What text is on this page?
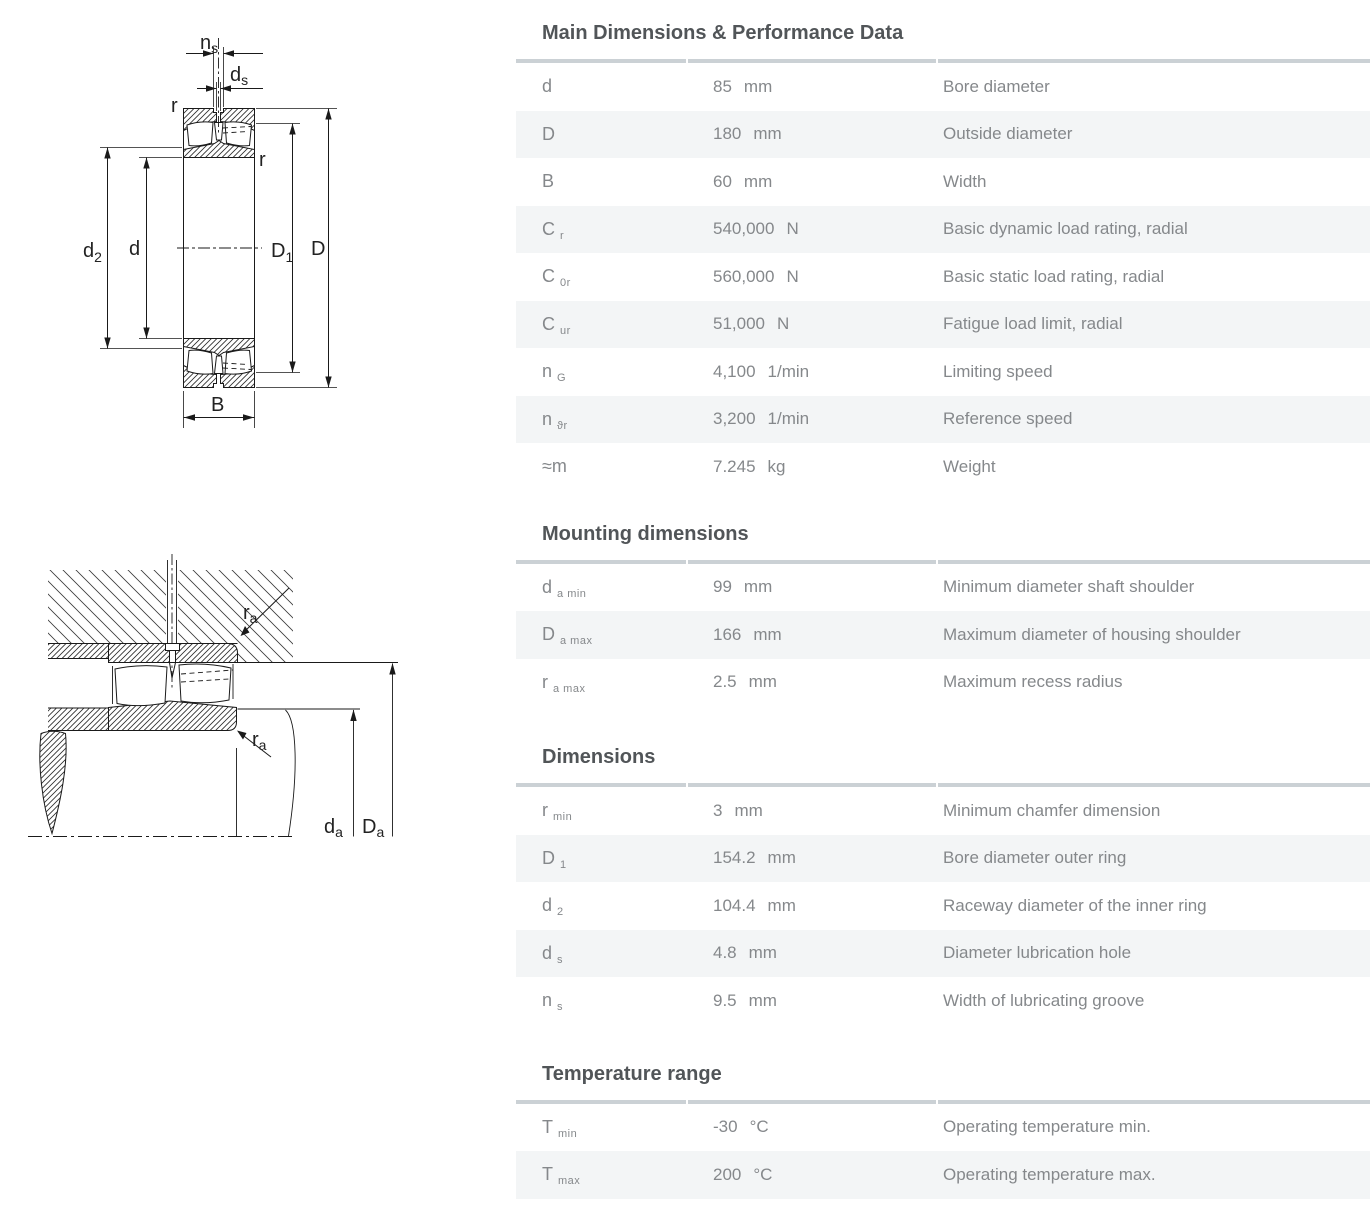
$n_s$
$d_s$
r
r
$d_2$ d	$D_1$ D
B
$r_a$
$r_a$
$d_a$ $D_a$
Main Dimensions & Performance Data
d	85 mm	Bore diameter
D	180 mm	Outside diameter
B	60 mm	Width
C $_r$	540,000 N	Basic dynamic load rating, radial
C $_{0r}$	560,000 N	Basic static load rating, radial
C $_{ur}$	51,000 N	Fatigue load limit, radial
n $_G$	4,100 1/min	Limiting speed
n $_{ϑr}$	3,200 1/min	Reference speed
≈m	7.245 kg	Weight
Mounting dimensions
d $_{a min}$	99 mm	Minimum diameter shaft shoulder
D $_{a max}$	166 mm	Maximum diameter of housing shoulder
r $_{a max}$	2.5 mm	Maximum recess radius
Dimensions
r $_{min}$	3 mm	Minimum chamfer dimension
D $_1$	154.2 mm	Bore diameter outer ring
d $_2$	104.4 mm	Raceway diameter of the inner ring
d $_s$	4.8 mm	Diameter lubrication hole
n $_s$	9.5 mm	Width of lubricating groove
Temperature range
T $_{min}$	-30 °C	Operating temperature min.
T $_{max}$	200 °C	Operating temperature max.
